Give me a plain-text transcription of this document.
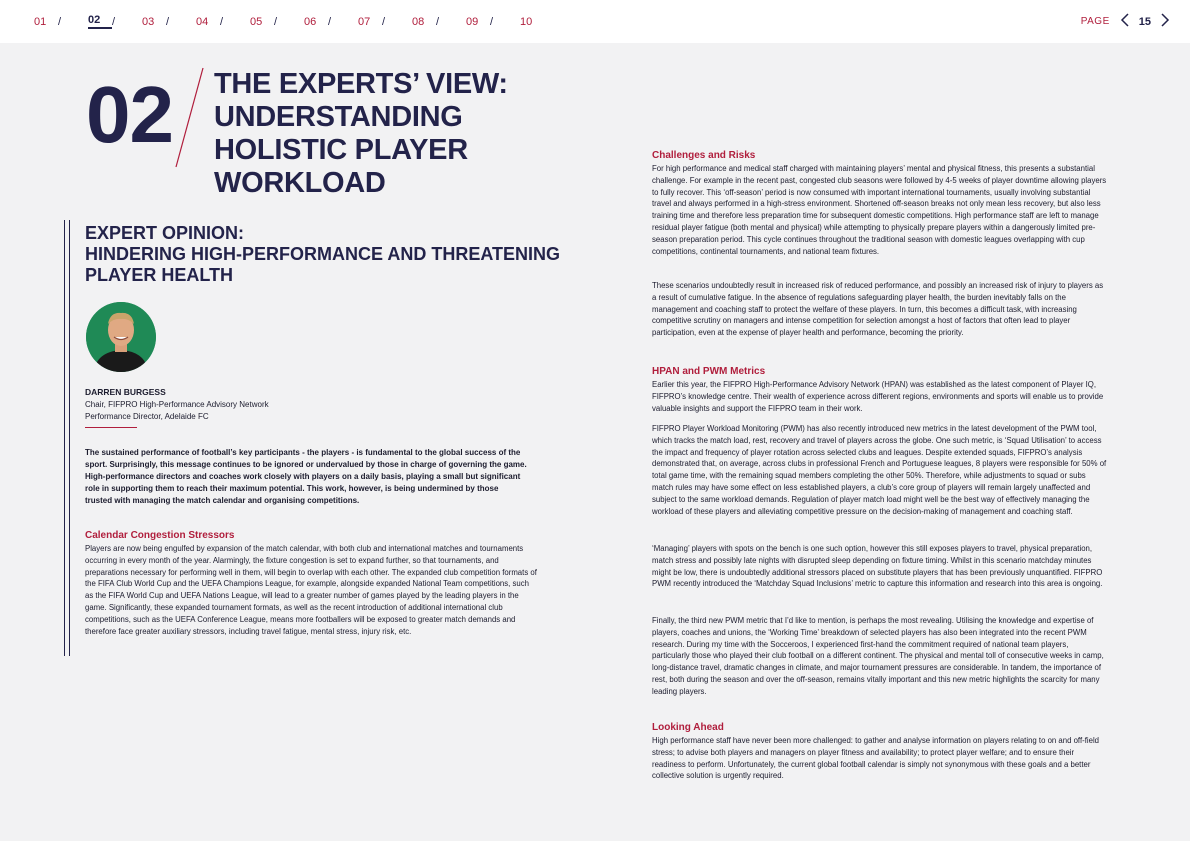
01	/	02	/	03	/	04	/	05	/	06	/	07	/	08	/	09	/	10	PAGE	15
02 THE EXPERTS’ VIEW:
UNDERSTANDING
HOLISTIC PLAYER
WORKLOAD
EXPERT OPINION:
HINDERING HIGH-PERFORMANCE AND THREATENING
PLAYER HEALTH
DARREN BURGESS
Chair, FIFPRO High-Performance Advisory Network
Performance Director, Adelaide FC

The sustained performance of football’s key participants - the players - is fundamental to the global success of the sport. Surprisingly, this message continues to be ignored or undervalued by those in charge of governing the game. High-performance directors and coaches work closely with players on a daily basis, playing a small but significant role in supporting them to reach their maximum potential. This work, however, is being undermined by those trusted with managing the match calendar and organising competitions.

Calendar Congestion Stressors

Players are now being engulfed by expansion of the match calendar, with both club and international matches and tournaments occurring in every month of the year. Alarmingly, the fixture congestion is set to expand further, so that tournaments, and preparations necessary for performing well in them, will begin to overlap with each other. The expanded club competition formats of the FIFA Club World Cup and the UEFA Champions League, for example, alongside expanded National Team competitions, such as the FIFA World Cup and UEFA Nations League, will lead to a greater number of games played by the leading players in the game. Significantly, these expanded tournament formats, as well as the recent introduction of additional international club competitions, such as the UEFA Conference League, means more footballers will be exposed to greater match demands and therefore face greater auxiliary stressors, including travel fatigue, mental stress, injury risk, etc.

Challenges and Risks

For high performance and medical staff charged with maintaining players’ mental and physical fitness, this presents a substantial challenge. For example in the recent past, congested club seasons were followed by 4-5 weeks of player downtime allowing players to fully recover. This ‘off-season’ period is now consumed with important international tournaments, usually involving substantial travel and always performed in a high-stress environment. Shortened off-season breaks not only mean less recovery, but also less training time and therefore less preparation time for subsequent domestic competitions. High performance staff are left to manage residual player fatigue (both mental and physical) while attempting to physically prepare players within a dangerously limited pre-season preparation period. This cycle continues throughout the traditional season with domestic leagues overlapping with cup competitions, continental tournaments, and national team fixtures.

These scenarios undoubtedly result in increased risk of reduced performance, and possibly an increased risk of injury to players as a result of cumulative fatigue. In the absence of regulations safeguarding player health, the burden inevitably falls on the management and coaching staff to protect the welfare of these players. In turn, this becomes a difficult task, with increasing competitive scrutiny on managers and intense competition for selection amongst a host of factors that often lead to player participation, even at the expense of player health and performance, becoming the priority.

HPAN and PWM Metrics

Earlier this year, the FIFPRO High-Performance Advisory Network (HPAN) was established as the latest component of Player IQ, FIFPRO’s knowledge centre. Their wealth of experience across different regions, environments and sports will enable us to provide valuable insights and support the FIFPRO team in their work.

FIFPRO Player Workload Monitoring (PWM) has also recently introduced new metrics in the latest development of the PWM tool, which tracks the match load, rest, recovery and travel of players across the globe. One such metric, is ‘Squad Utilisation’ to access the impact and frequency of player rotation across selected clubs and leagues. Despite extended squads, FIFPRO’s analysis demonstrated that, on average, across clubs in professional French and Portuguese leagues, 8 players were responsible for 50% of total game time, with the remaining squad members completing the other 50%. Therefore, while adjustments to squad or subs match rules may have some effect on less established players, a club’s core group of players will remain largely unaffected and subject to the same workload demands. Regulation of player match load might well be the best way of effectively managing the workload of these players and alleviating competitive pressure on the decision-making of management and coaching staff.

‘Managing’ players with spots on the bench is one such option, however this still exposes players to travel, physical preparation, match stress and possibly late nights with disrupted sleep depending on fixture timing. Whilst in this scenario matchday minutes might be low, there is undoubtedly additional stressors placed on substitute players that has been previously unquantified. FIFPRO PWM recently introduced the ‘Matchday Squad Inclusions’ metric to capture this information and research into this area is ongoing.

Finally, the third new PWM metric that I’d like to mention, is perhaps the most revealing. Utilising the knowledge and expertise of players, coaches and unions, the ‘Working Time’ breakdown of selected players has also been integrated into the recent PWM research. During my time with the Socceroos, I experienced first-hand the commitment required of national team players, particularly those who played their club football on a different continent. The physical and mental toll of consecutive weeks in camp, long-distance travel, dramatic changes in climate, and major tournament pressures are considerable. In tandem, the importance of rest, both during the season and over the off-season, remains vitally important and this new metric highlights the scarcity for many leading players.

Looking Ahead

High performance staff have never been more challenged: to gather and analyse information on players relating to on and off-field stress; to advise both players and managers on player fitness and availability; to protect player welfare; and to ensure their readiness to perform. Unfortunately, the current global football calendar is simply not synonymous with these goals and a better collective solution is urgently required.
